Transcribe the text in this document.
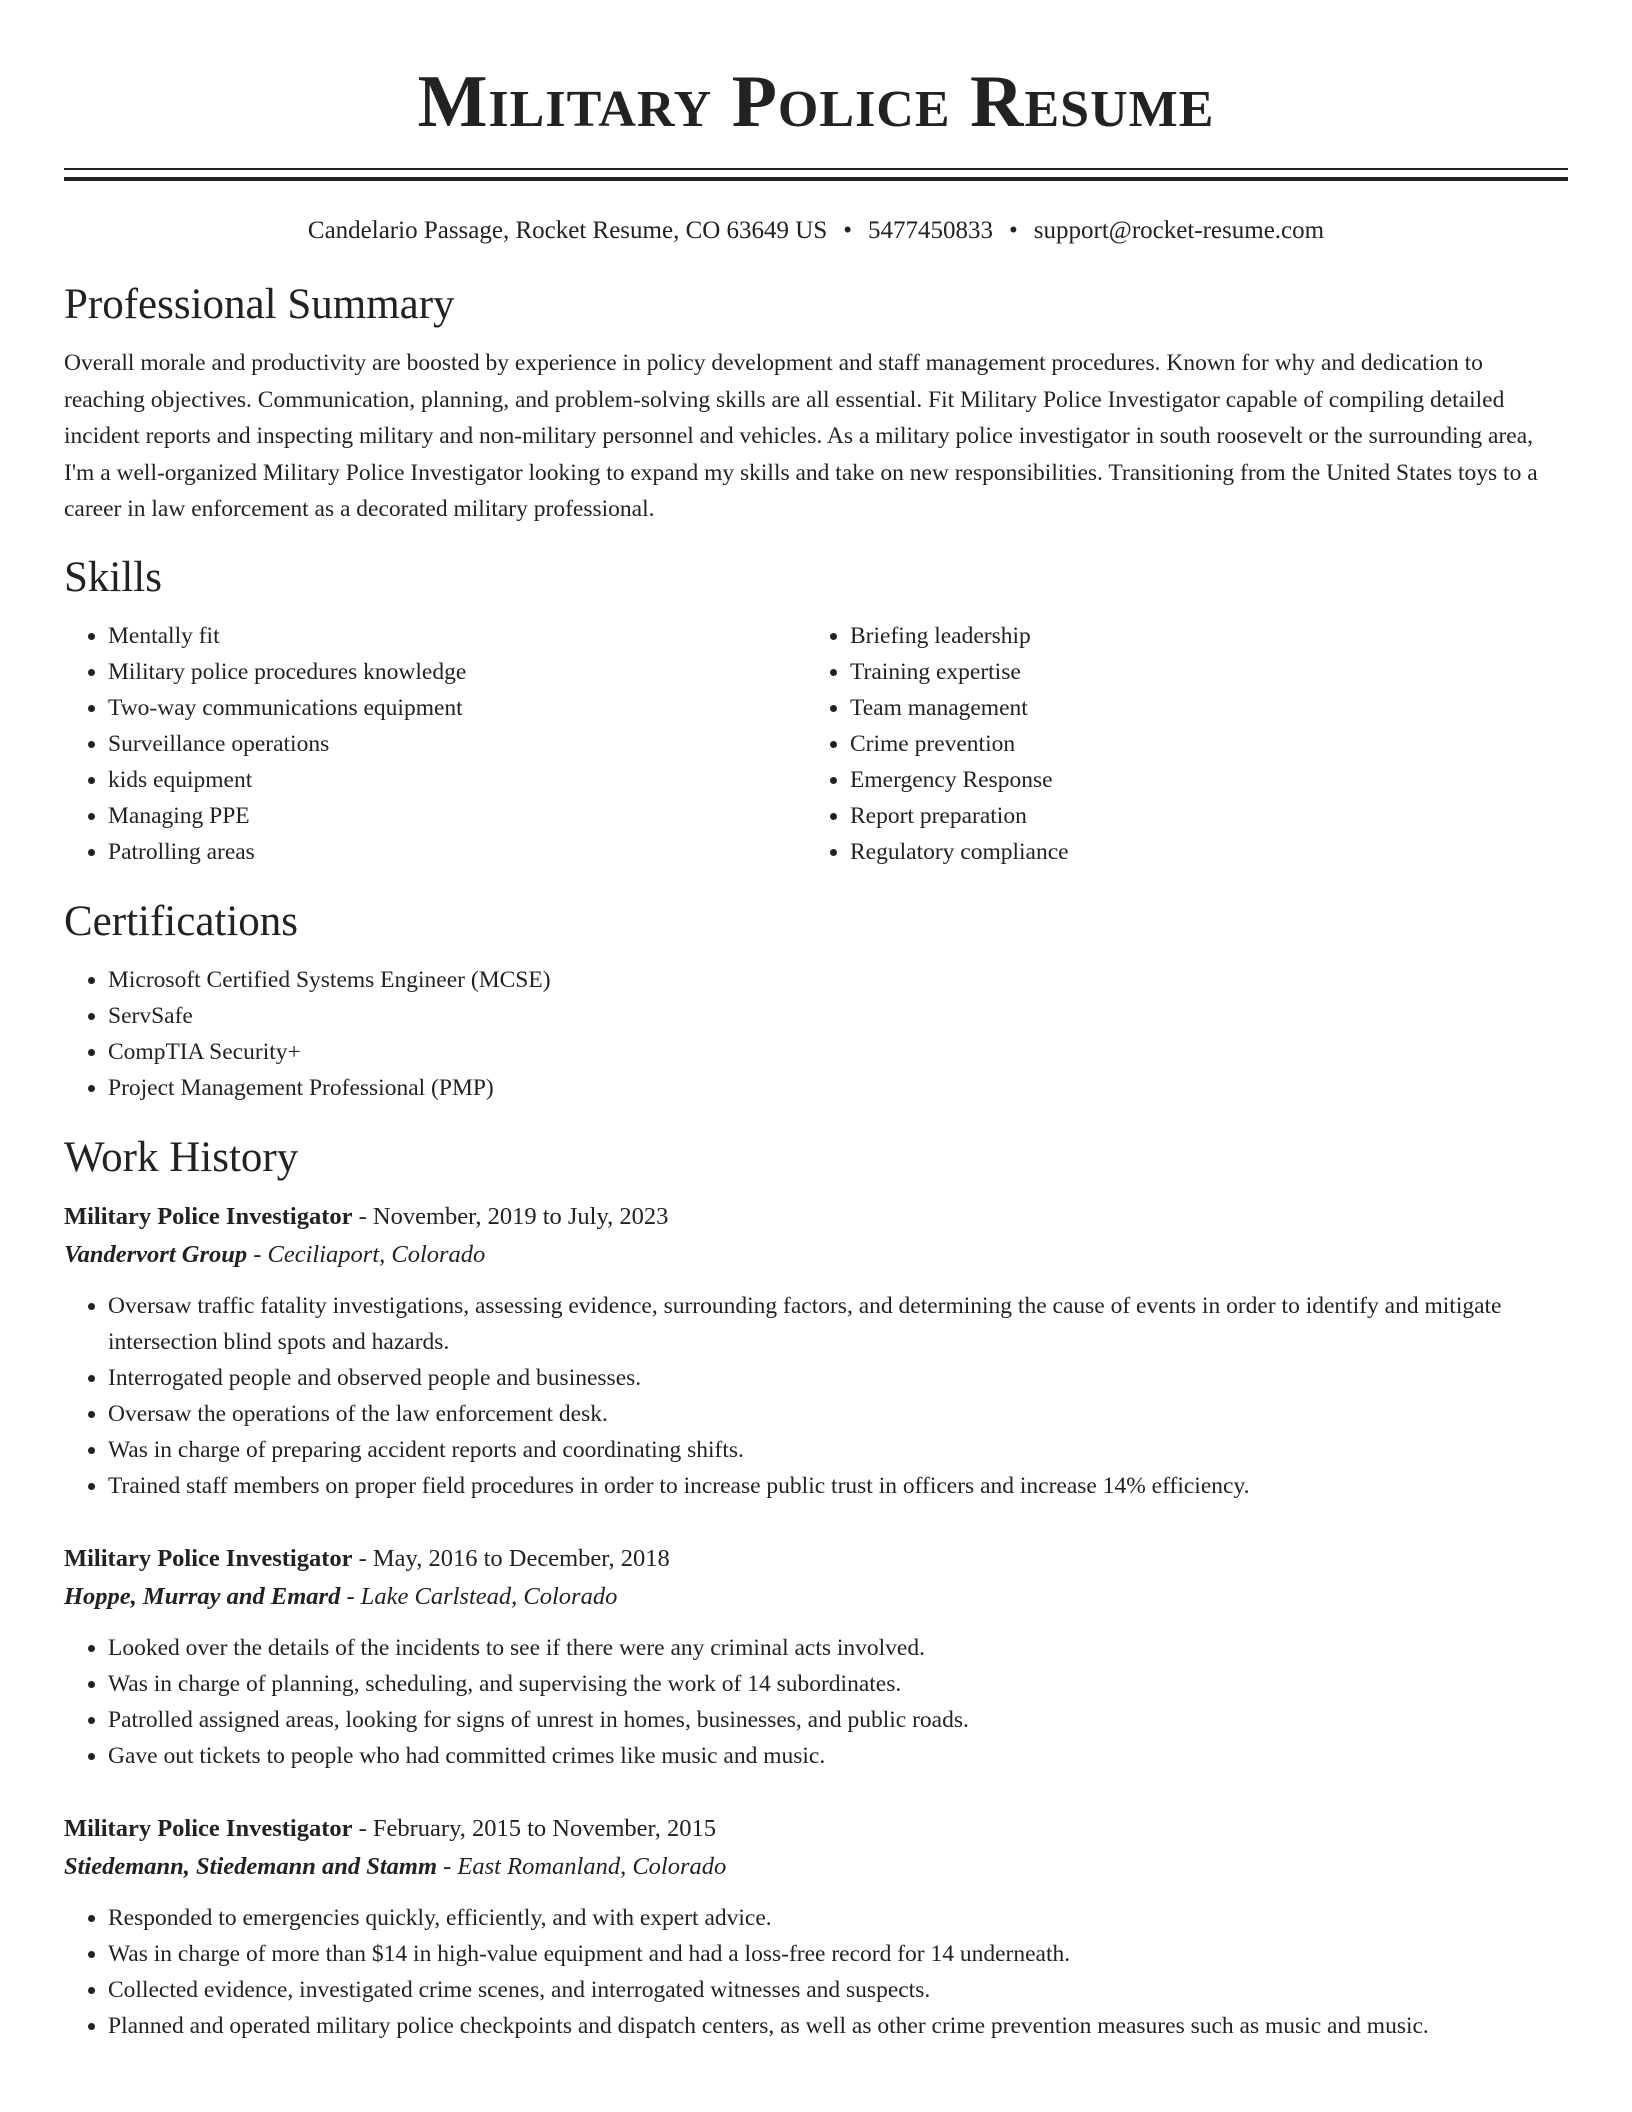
Military Police Resume
Candelario Passage, Rocket Resume, CO 63649 US • 5477450833 • support@rocket-resume.com
Professional Summary

Overall morale and productivity are boosted by experience in policy development and staff management procedures. Known for why and dedication to reaching objectives. Communication, planning, and problem-solving skills are all essential. Fit Military Police Investigator capable of compiling detailed incident reports and inspecting military and non-military personnel and vehicles. As a military police investigator in south roosevelt or the surrounding area, I'm a well-organized Military Police Investigator looking to expand my skills and take on new responsibilities. Transitioning from the United States toys to a career in law enforcement as a decorated military professional.

Skills
• Mentally fit
• Military police procedures knowledge
• Two-way communications equipment
• Surveillance operations
• kids equipment
• Managing PPE
• Patrolling areas
• Briefing leadership
• Training expertise
• Team management
• Crime prevention
• Emergency Response
• Report preparation
• Regulatory compliance
Certifications
• Microsoft Certified Systems Engineer (MCSE)
• ServSafe
• CompTIA Security+
• Project Management Professional (PMP)
Work History
Military Police Investigator - November, 2019 to July, 2023
Vandervort Group - Ceciliaport, Colorado
• Oversaw traffic fatality investigations, assessing evidence, surrounding factors, and determining the cause of events in order to identify and mitigate intersection blind spots and hazards.
• Interrogated people and observed people and businesses.
• Oversaw the operations of the law enforcement desk.
• Was in charge of preparing accident reports and coordinating shifts.
• Trained staff members on proper field procedures in order to increase public trust in officers and increase 14% efficiency.
Military Police Investigator - May, 2016 to December, 2018
Hoppe, Murray and Emard - Lake Carlstead, Colorado
• Looked over the details of the incidents to see if there were any criminal acts involved.
• Was in charge of planning, scheduling, and supervising the work of 14 subordinates.
• Patrolled assigned areas, looking for signs of unrest in homes, businesses, and public roads.
• Gave out tickets to people who had committed crimes like music and music.
Military Police Investigator - February, 2015 to November, 2015
Stiedemann, Stiedemann and Stamm - East Romanland, Colorado
• Responded to emergencies quickly, efficiently, and with expert advice.
• Was in charge of more than $14 in high-value equipment and had a loss-free record for 14 underneath.
• Collected evidence, investigated crime scenes, and interrogated witnesses and suspects.
• Planned and operated military police checkpoints and dispatch centers, as well as other crime prevention measures such as music and music.
